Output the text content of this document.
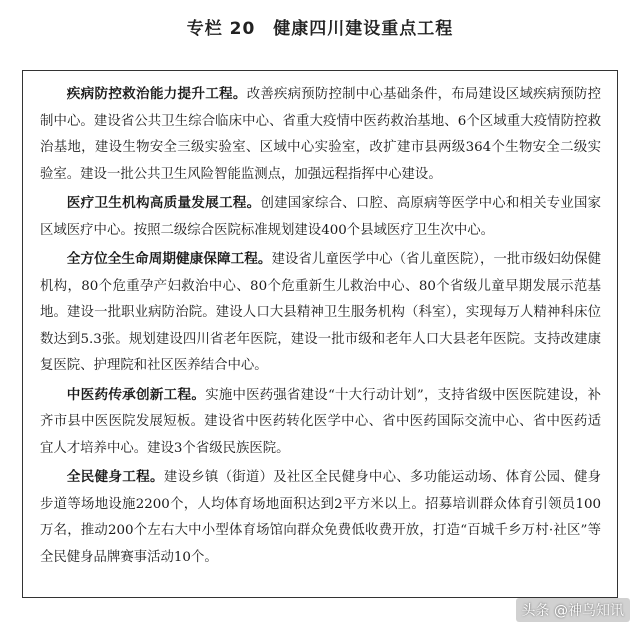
专栏 20 健康四川建设重点工程

疾病防控救治能力提升工程。改善疾病预防控制中心基础条件，布局建设区域疾病预防控制中心。建设省公共卫生综合临床中心、省重大疫情中医药救治基地、6个区域重大疫情防控救治基地，建设生物安全三级实验室、区域中心实验室，改扩建市县两级364个生物安全二级实验室。建设一批公共卫生风险智能监测点，加强远程指挥中心建设。

医疗卫生机构高质量发展工程。创建国家综合、口腔、高原病等医学中心和相关专业国家区域医疗中心。按照二级综合医院标准规划建设400个县域医疗卫生次中心。

全方位全生命周期健康保障工程。建设省儿童医学中心（省儿童医院），一批市级妇幼保健机构，80个危重孕产妇救治中心、80个危重新生儿救治中心、80个省级儿童早期发展示范基地。建设一批职业病防治院。建设人口大县精神卫生服务机构（科室），实现每万人精神科床位数达到5.3张。规划建设四川省老年医院，建设一批市级和老年人口大县老年医院。支持改建康复医院、护理院和社区医养结合中心。

中医药传承创新工程。实施中医药强省建设“十大行动计划”，支持省级中医医院建设，补齐市县中医医院发展短板。建设省中医药转化医学中心、省中医药国际交流中心、省中医药适宜人才培养中心。建设3个省级民族医院。

全民健身工程。建设乡镇（街道）及社区全民健身中心、多功能运动场、体育公园、健身步道等场地设施2200个，人均体育场地面积达到2平方米以上。招募培训群众体育引领员100万名，推动200个左右大中小型体育场馆向群众免费低收费开放，打造“百城千乡万村·社区”等全民健身品牌赛事活动10个。

头条 @神鸟知讯
